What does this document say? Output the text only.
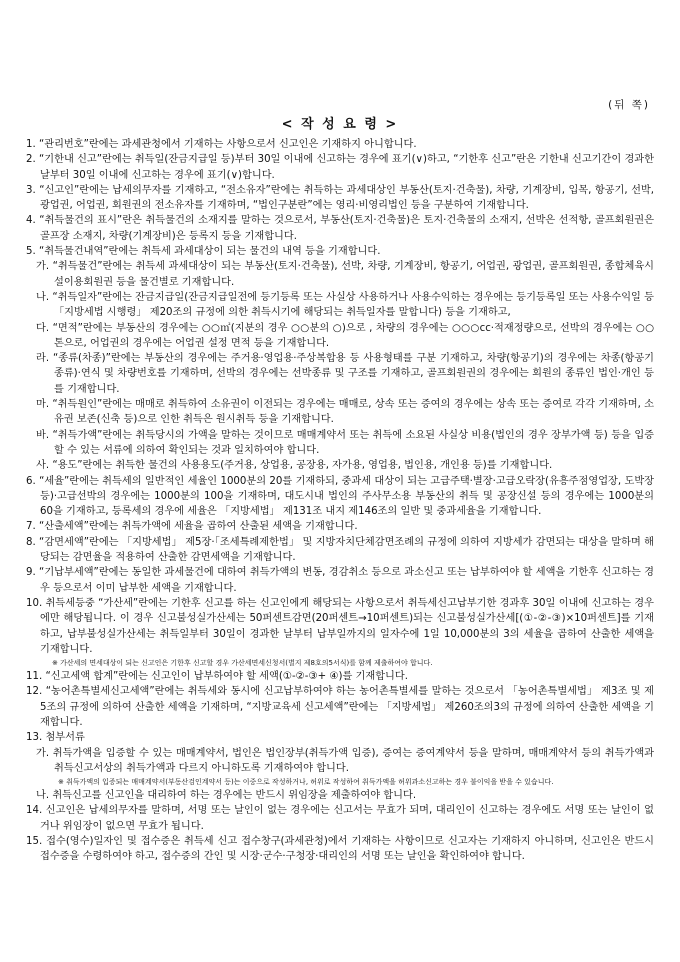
(뒤 쪽)
< 작 성 요 령 >

1. “관리번호”란에는 과세관청에서 기재하는 사항으로서 신고인은 기재하지 아니합니다.

2. “기한내 신고”란에는 취득일(잔금지급일 등)부터 30일 이내에 신고하는 경우에 표기(∨)하고, “기한후 신고”란은 기한내 신고기간이 경과한 날부터 30일 이내에 신고하는 경우에 표기(∨)합니다.

3. “신고인”란에는 납세의무자를 기재하고, “전소유자”란에는 취득하는 과세대상인 부동산(토지·건축물), 차량, 기계장비, 입목, 항공기, 선박, 광업권, 어업권, 회원권의 전소유자를 기재하며, “법인구분란”에는 영리·비영리법인 등을 구분하여 기재합니다.

4. “취득물건의 표시”란은 취득물건의 소재지를 말하는 것으로서, 부동산(토지·건축물)은 토지·건축물의 소재지, 선박은 선적항, 골프회원권은 골프장 소재지, 차량(기계장비)은 등록지 등을 기재합니다.

5. “취득물건내역”란에는 취득세 과세대상이 되는 물건의 내역 등을 기재합니다.

가. “취득물건”란에는 취득세 과세대상이 되는 부동산(토지·건축물), 선박, 차량, 기계장비, 항공기, 어업권, 광업권, 골프회원권, 종합체육시설이용회원권 등을 물건별로 기재합니다.

나. “취득일자”란에는 잔금지급일(잔금지급일전에 등기등록 또는 사실상 사용하거나 사용수익하는 경우에는 등기등록일 또는 사용수익일 등 「지방세법 시행령」 제20조의 규정에 의한 취득시기에 해당되는 취득일자를 말합니다) 등을 기재하고,

다. “면적”란에는 부동산의 경우에는 ○○㎡(지분의 경우 ○○분의 ○)으로 , 차량의 경우에는 ○○○cc·적재정량으로, 선박의 경우에는 ○○톤으로, 어업권의 경우에는 어업권 설정 면적 등을 기재합니다.

라. “종류(차종)”란에는 부동산의 경우에는 주거용·영업용·주상복합용 등 사용형태를 구분 기재하고, 차량(항공기)의 경우에는 차종(항공기 종류)·연식 및 차량번호를 기재하며, 선박의 경우에는 선박종류 및 구조를 기재하고, 골프회원권의 경우에는 회원의 종류인 법인·개인 등를 기재합니다.

마. “취득원인”란에는 매매로 취득하여 소유권이 이전되는 경우에는 매매로, 상속 또는 증여의 경우에는 상속 또는 증여로 각각 기재하며, 소유권 보존(신축 등)으로 인한 취득은 원시취득 등을 기재합니다.

바. “취득가액”란에는 취득당시의 가액을 말하는 것이므로 매매계약서 또는 취득에 소요된 사실상 비용(법인의 경우 장부가액 등) 등을 입증할 수 있는 서류에 의하여 확인되는 것과 일치하여야 합니다.

사. “용도”란에는 취득한 물건의 사용용도(주거용, 상업용, 공장용, 자가용, 영업용, 법인용, 개인용 등)를 기재합니다.

6. “세율”란에는 취득세의 일반적인 세율인 1000분의 20를 기재하되, 중과세 대상이 되는 고급주택·별장·고급오락장(유흥주점영업장, 도박장 등)·고급선박의 경우에는 1000분의 100을 기재하며, 대도시내 법인의 주사무소용 부동산의 취득 및 공장신설 등의 경우에는 1000분의 60을 기재하고, 등록세의 경우에 세율은 「지방세법」 제131조 내지 제146조의 일반 및 중과세율을 기재합니다.

7. “산출세액”란에는 취득가액에 세율을 곱하여 산출된 세액을 기재합니다.

8. “감면세액”란에는 「지방세법」 제5장·「조세특례제한법」 및 지방자치단체감면조례의 규정에 의하여 지방세가 감면되는 대상을 말하며 해당되는 감면율을 적용하여 산출한 감면세액을 기재합니다.

9. “기납부세액”란에는 동일한 과세물건에 대하여 취득가액의 변동, 경감취소 등으로 과소신고 또는 납부하여야 할 세액을 기한후 신고하는 경우 등으로서 이미 납부한 세액을 기재합니다.

10. 취득세등중 “가산세”란에는 기한후 신고를 하는 신고인에게 해당되는 사항으로서 취득세신고납부기한 경과후 30일 이내에 신고하는 경우에만 해당됩니다. 이 경우 신고불성실가산세는 50퍼센트감면(20퍼센트→10퍼센트)되는 신고불성실가산세[(①-②-③)×10퍼센트]를 기재하고, 납부불성실가산세는 취득일부터 30일이 경과한 날부터 납부일까지의 일자수에 1일 10,000분의 3의 세율을 곱하여 산출한 세액을 기재합니다.

※ 가산세의 면세대상이 되는 신고인은 기한후 신고할 경우 가산세면세신청서(별지 제8호의5서식)를 함께 제출하여야 합니다.

11. “신고세액 합계”란에는 신고인이 납부하여야 할 세액(①-②-③+ ④)를 기재합니다.

12. “농어촌특별세신고세액”란에는 취득세와 동시에 신고납부하여야 하는 농어촌특별세를 말하는 것으로서 「농어촌특별세법」 제3조 및 제5조의 규정에 의하여 산출한 세액을 기재하며, “지방교육세 신고세액”란에는 「지방세법」 제260조의3의 규정에 의하여 산출한 세액을 기재합니다.

13. 첨부서류

가. 취득가액을 입증할 수 있는 매매계약서, 법인은 법인장부(취득가액 입증), 증여는 증여계약서 등을 말하며, 매매계약서 등의 취득가액과 취득신고서상의 취득가액과 다르지 아니하도록 기재하여야 합니다.

※ 취득가액의 입증되는 매매계약서(부동산검인계약서 등)는 이중으로 작성하거나, 허위로 작성하여 취득가액을 허위과소신고하는 경우 불이익을 받을 수 있습니다.

나. 취득신고를 신고인을 대리하여 하는 경우에는 반드시 위임장을 제출하여야 합니다.

14. 신고인은 납세의무자를 말하며, 서명 또는 날인이 없는 경우에는 신고서는 무효가 되며, 대리인이 신고하는 경우에도 서명 또는 날인이 없거나 위임장이 없으면 무효가 됩니다.

15. 접수(영수)일자인 및 접수증은 취득세 신고 접수창구(과세관청)에서 기재하는 사항이므로 신고자는 기재하지 아니하며, 신고인은 반드시 접수증을 수령하여야 하고, 접수증의 간인 및 시장·군수·구청장·대리인의 서명 또는 날인을 확인하여야 합니다.
